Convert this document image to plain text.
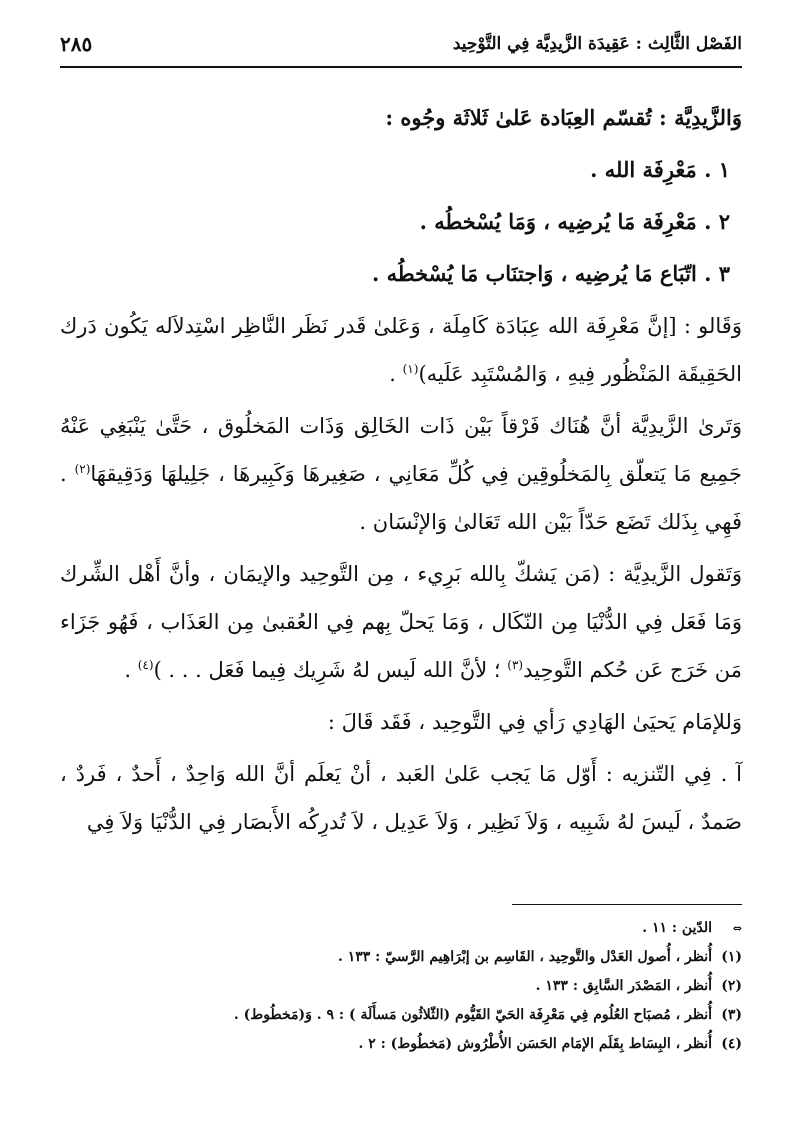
الفَصْل الثَّالِث : عَقِيدَة الزَّيدِيَّة فِي التَّوْحِيد
٢٨٥

وَالزَّيدِيَّة : تُقسّم العِبَادة عَلىٰ ثَلاثَة وجُوه :

١ . مَعْرِفَة الله .

٢ . مَعْرِفَة مَا يُرضِيه ، وَمَا يُسْخطُه .

٣ . اتّبَاع مَا يُرضِيه ، وَاجتنَاب مَا يُسْخطُه .

وَقَالو : [إنَّ مَعْرِفَة الله عِبَادَة كَامِلَة ، وَعَلىٰ قَدر نَظَر النَّاظِر اسْتِدلاَله يَكُون دَرك الحَقِيقَة المَنْظُور فِيهِ ، وَالمُسْتَبِد عَلَيه)$^{(١)}$ .

وَتَرىٰ الزَّيدِيَّة أنَّ هُنَاك فَرْقاً بَيْن ذَات الخَالِق وَذَات المَخلُوق ، حَتَّىٰ يَنْبَغِي عَنْهُ جَمِيع مَا يَتعلّق بِالمَخلُوقِين فِي كُلِّ مَعَانِي ، صَغِيرهَا وَكَبِيرهَا ، جَلِيلهَا وَدَقِيقهَا$^{(٢)}$ . فَهِي بِذَلك تَضَع حَدّاً بَيْن الله تَعَالىٰ وَالإنْسَان .

وَتَقول الزَّيدِيَّة : (مَن يَشكّ بِالله بَرِيء ، مِن التَّوحِيد والإيمَان ، وأنَّ أَهْل الشِّرك وَمَا فَعَل فِي الدُّنْيَا مِن النّكَال ، وَمَا يَحلّ بِهم فِي العُقبىٰ مِن العَذَاب ، فَهُو جَزَاء مَن خَرَج عَن حُكم التَّوحِيد$^{(٣)}$ ؛ لأنَّ الله لَيس لهُ شَرِيك فِيما فَعَل . . . )$^{(٤)}$ .

وَللإمَام يَحيَىٰ الهَادِي رَأي فِي التَّوحِيد ، فَقَد قَالَ :

آ . فِي التّنزيه : أَوّل مَا يَجب عَلىٰ العَبد ، أنْ يَعلَم أنَّ الله وَاحِدٌ ، أَحدٌ ، فَردٌ ، صَمدٌ ، لَيسَ لهُ شَبِيه ، وَلاَ نَظِير ، وَلاَ عَدِيل ، لاَ تُدرِكُه الأَبصَار فِي الدُّنْيَا وَلاَ فِي

⇔الدّين : ١١ .
(١)أُنظر ، أُصول العَدْل والتَّوحِيد ، القَاسِم بن إبْرَاهِيم الرَّسيّ : ١٣٣ .
(٢)أُنظر ، المَصْدَر السَّابِق : ١٣٣ .
(٣)أُنظر ، مُصبَاح العُلُوم فِي مَعْرِفَة الحَيّ القَيُّوم (الثّلاثُون مَسأَلَة ) : ٩ . وَ(مَخطُوط) .
(٤)أُنظر ، البِسَاط بِقَلَم الإمَام الحَسَن الأُطْرُوش (مَخطُوط) : ٢ .
